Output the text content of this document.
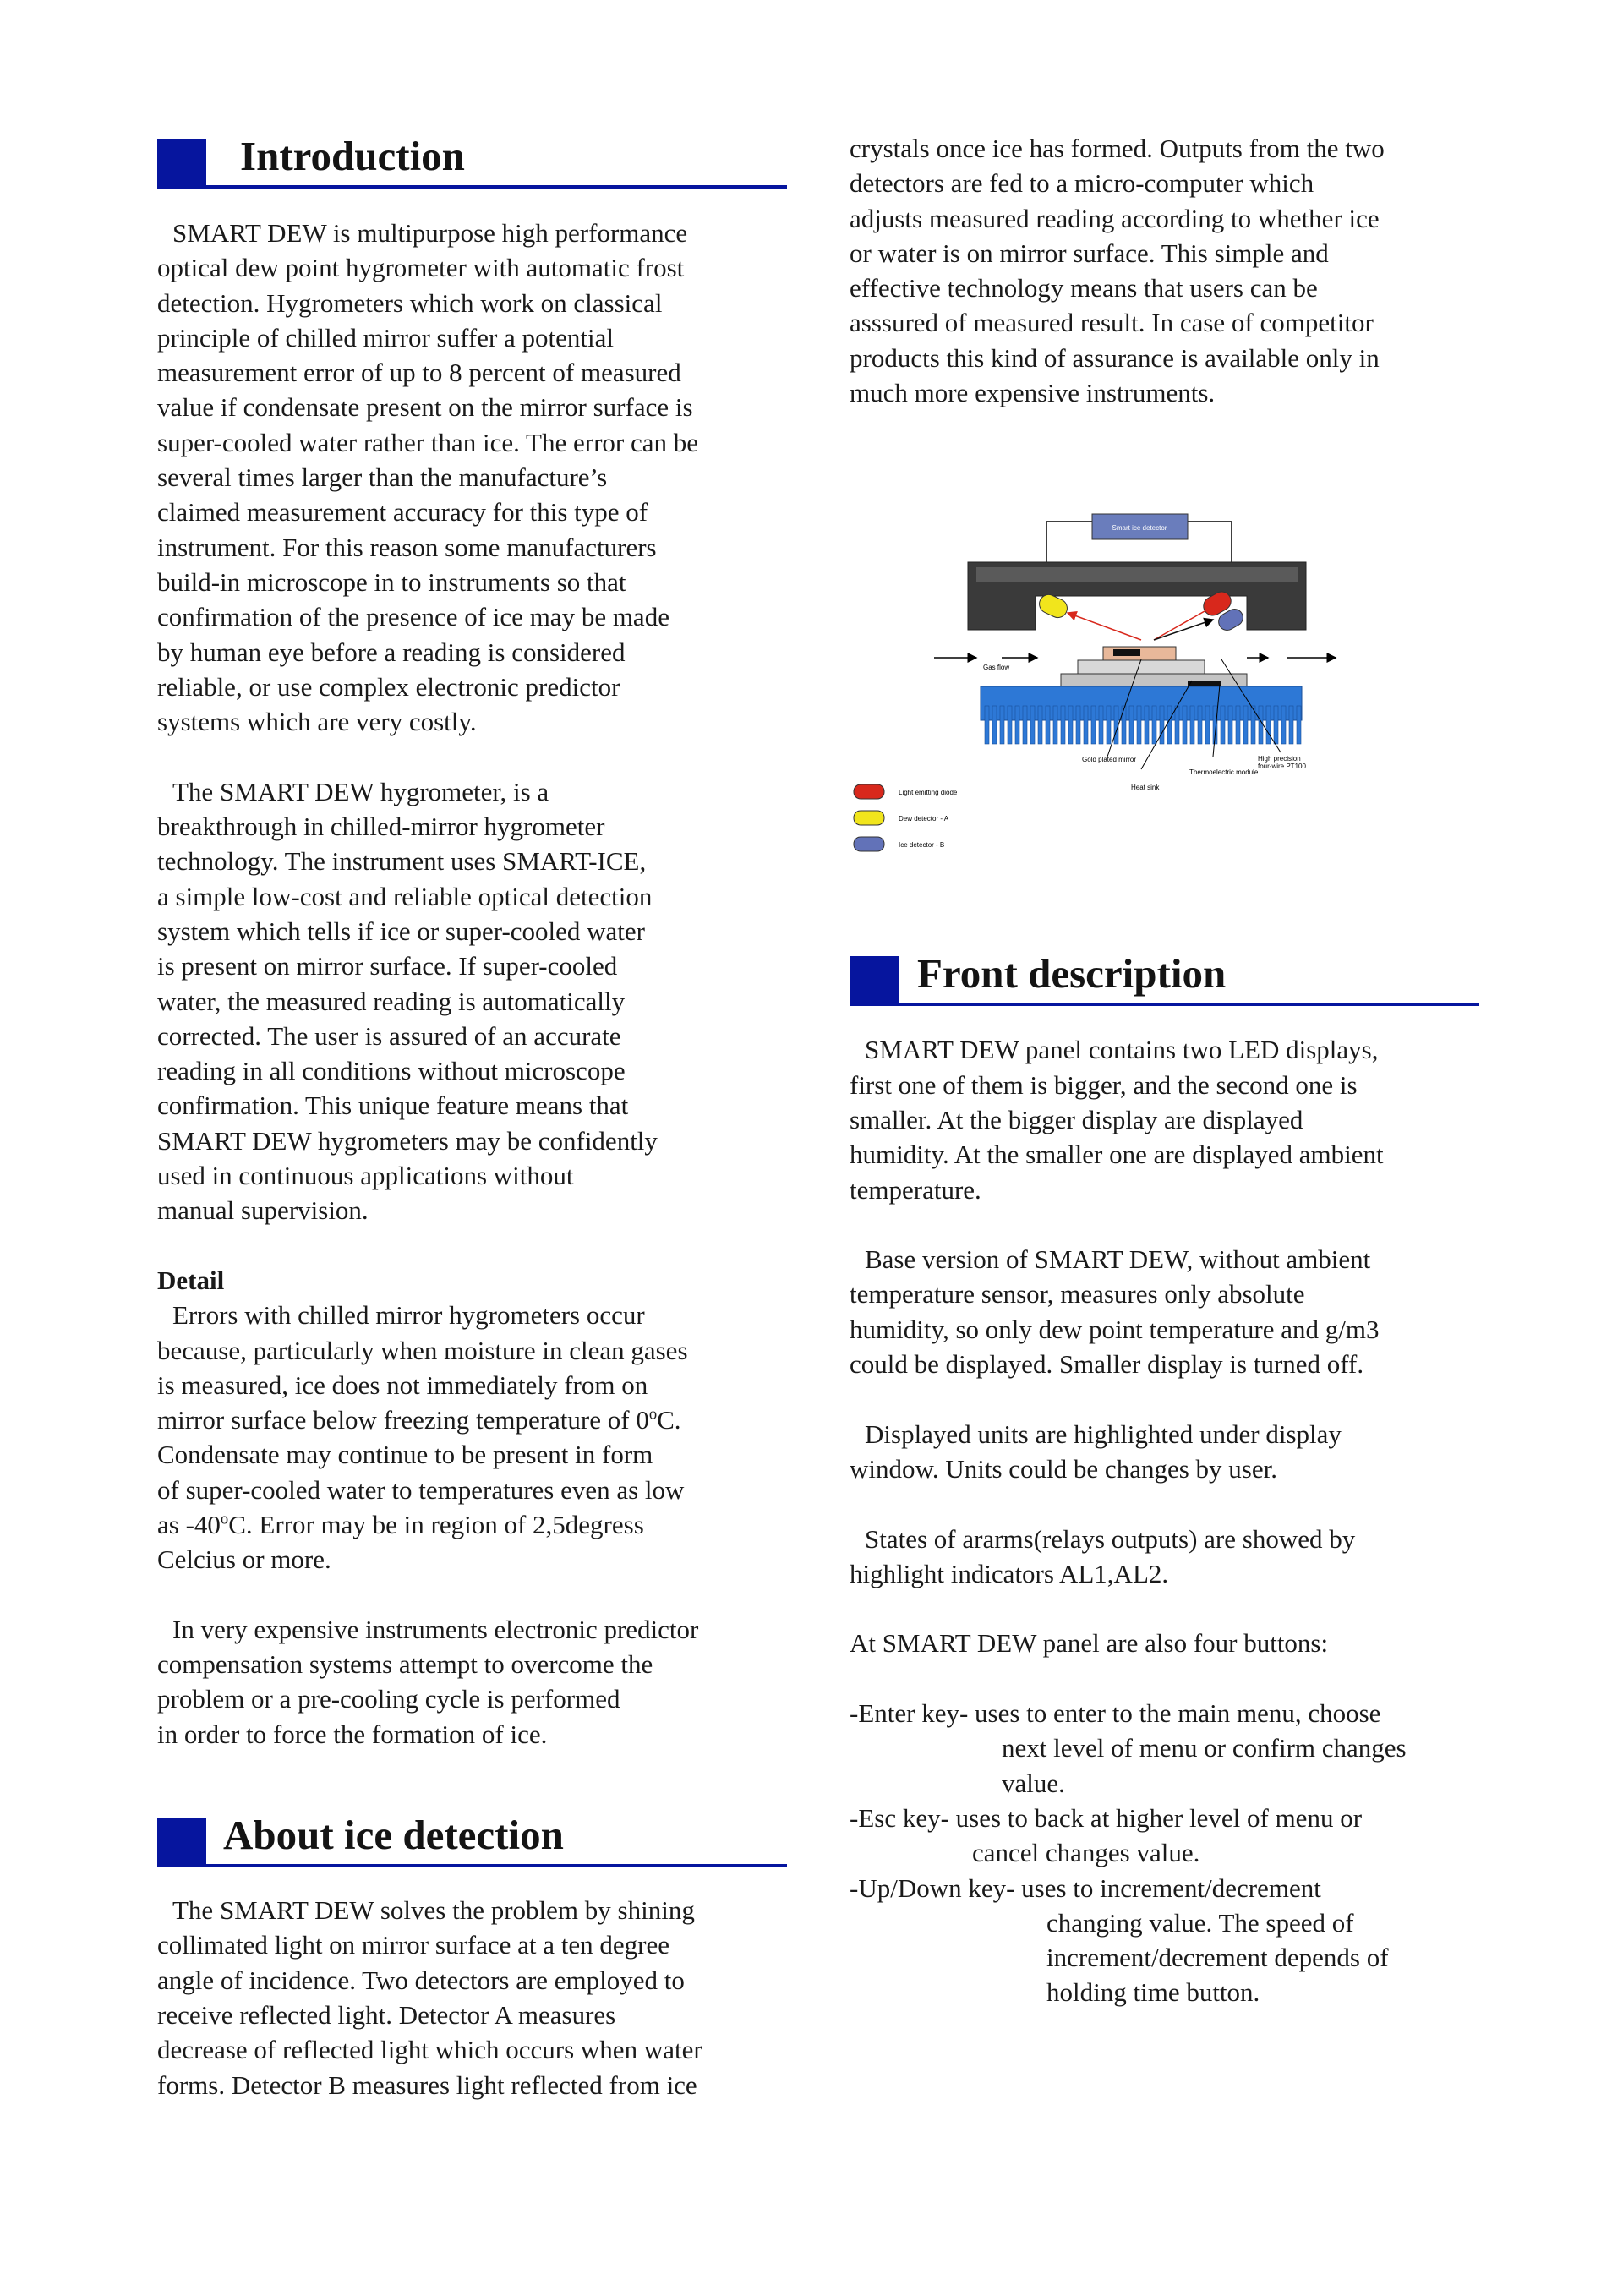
Introduction

SMART DEW is multipurpose high performance
optical dew point hygrometer with automatic frost
detection. Hygrometers which work on classical
principle of chilled mirror suffer a potential
measurement error of up to 8 percent of measured
value if condensate present on the mirror surface is
super-cooled water rather than ice. The error can be
several times larger than the manufacture’s
claimed measurement accuracy for this type of
instrument. For this reason some manufacturers
build-in microscope in to instruments so that
confirmation of the presence of ice may be made
by human eye before a reading is considered
reliable, or use complex electronic predictor
systems which are very costly.

The SMART DEW hygrometer, is a
breakthrough in chilled-mirror hygrometer
technology. The instrument uses SMART-ICE,
a simple low-cost and reliable optical detection
system which tells if ice or super-cooled water
is present on mirror surface. If super-cooled
water, the measured reading is automatically
corrected. The user is assured of an accurate
reading in all conditions without microscope
confirmation. This unique feature means that
SMART DEW hygrometers may be confidently
used in continuous applications without
manual supervision.

Detail

Errors with chilled mirror hygrometers occur
because, particularly when moisture in clean gases
is measured, ice does not immediately from on
mirror surface below freezing temperature of 0$^o$C.
Condensate may continue to be present in form
of super-cooled water to temperatures even as low
as -40$^o$C. Error may be in region of 2,5degress
Celcius or more.

In very expensive instruments electronic predictor
compensation systems attempt to overcome the
problem or a pre-cooling cycle is performed
in order to force the formation of ice.

About ice detection

The SMART DEW solves the problem by shining
collimated light on mirror surface at a ten degree
angle of incidence. Two detectors are employed to
receive reflected light. Detector A measures
decrease of reflected light which occurs when water
forms. Detector B measures light reflected from ice

crystals once ice has formed. Outputs from the two
detectors are fed to a micro-computer which
adjusts measured reading according to whether ice
or water is on mirror surface. This simple and
effective technology means that users can be
asssured of measured result. In case of competitor
products this kind of assurance is available only in
much more expensive instruments.

Front description

SMART DEW panel contains two LED displays,
first one of them is bigger, and the second one is
smaller. At the bigger display are displayed
humidity. At the smaller one are displayed ambient
temperature.

Base version of SMART DEW, without ambient
temperature sensor, measures only absolute
humidity, so only dew point temperature and g/m3
could be displayed. Smaller display is turned off.

Displayed units are highlighted under display
window. Units could be changes by user.

States of ararms(relays outputs) are showed by
highlight indicators AL1,AL2.

At SMART DEW panel are also four buttons:

-Enter key- uses to enter to the main menu, choose
next level of menu or confirm changes
value.

-Esc key- uses to back at higher level of menu or
cancel changes value.

-Up/Down key- uses to increment/decrement
changing value. The speed of
increment/decrement depends of
holding time button.

Smart ice detector
Gas flow
Gold plated mirror
Thermoelectric module
High precision
four-wire PT100
Heat sink
Light emitting diode
Dew detector - A
Ice detector - B
